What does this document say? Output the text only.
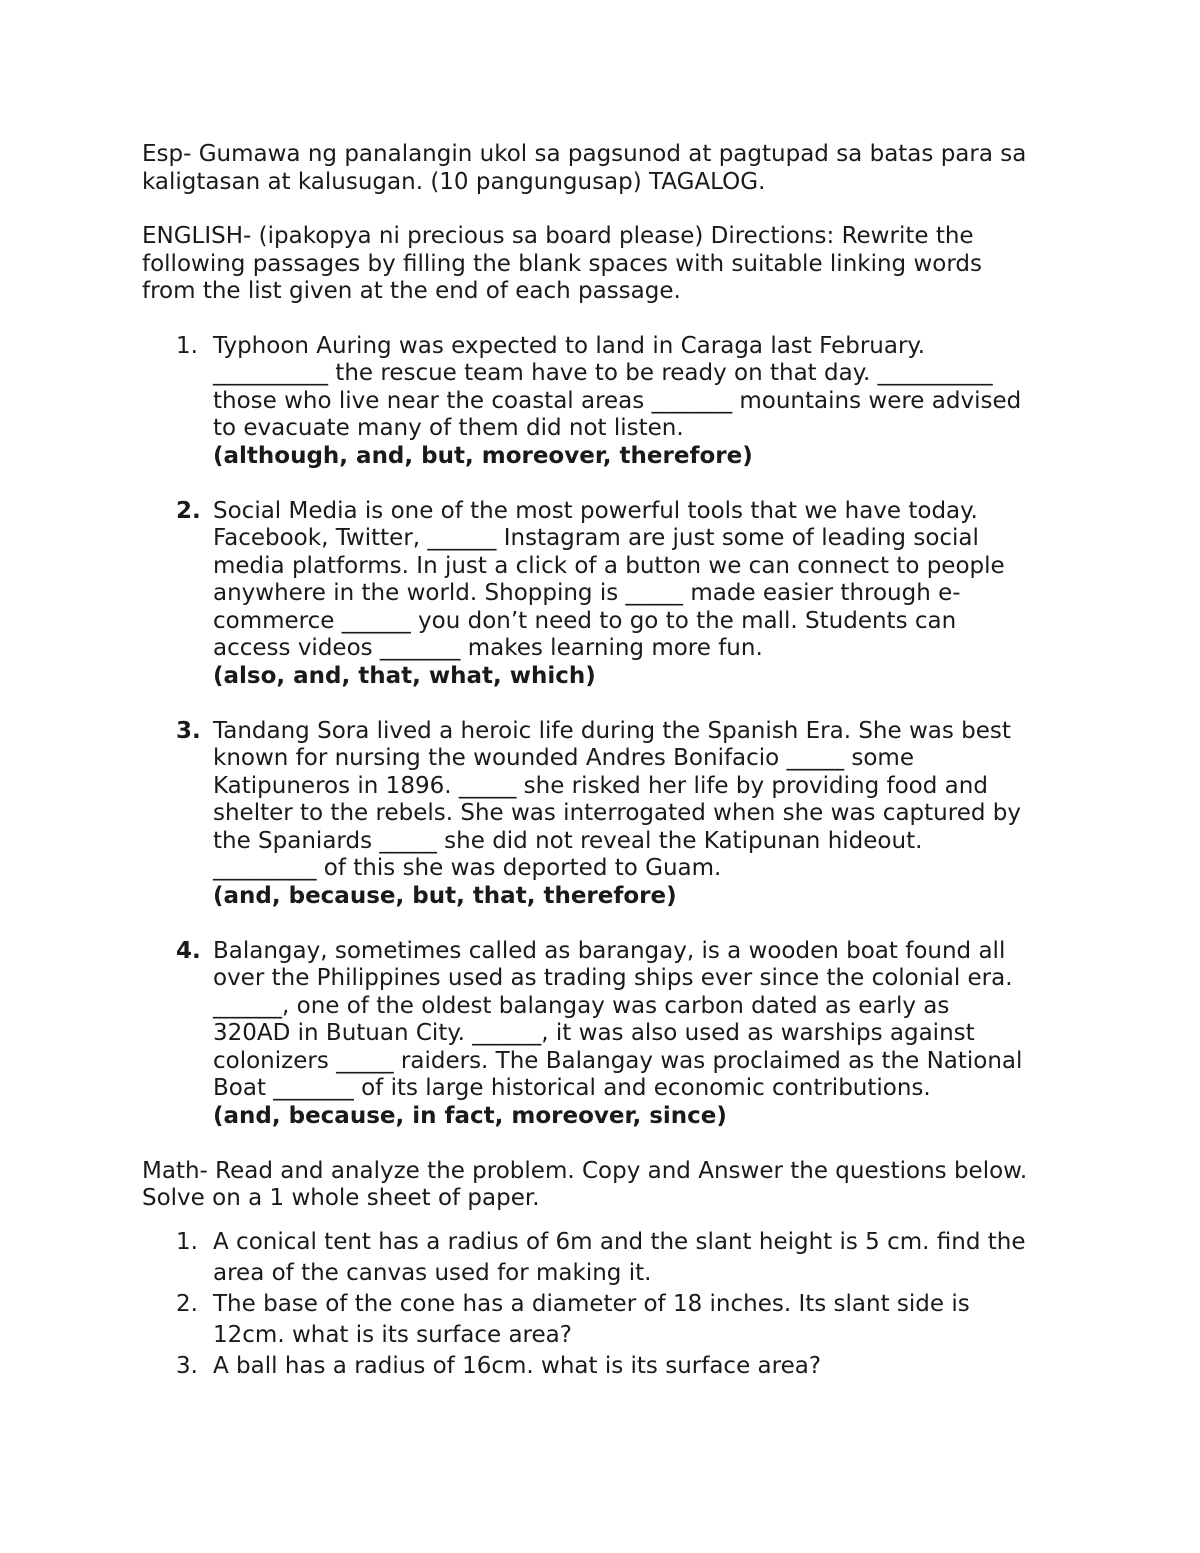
Esp- Gumawa ng panalangin ukol sa pagsunod at pagtupad sa batas para sa
kaligtasan at kalusugan. (10 pangungusap) TAGALOG.

ENGLISH- (ipakopya ni precious sa board please) Directions: Rewrite the
following passages by filling the blank spaces with suitable linking words
from the list given at the end of each passage.

1. Typhoon Auring was expected to land in Caraga last February.
__________ the rescue team have to be ready on that day. __________
those who live near the coastal areas _______ mountains were advised
to evacuate many of them did not listen.
(although, and, but, moreover, therefore)
2. Social Media is one of the most powerful tools that we have today.
Facebook, Twitter, ______ Instagram are just some of leading social
media platforms. In just a click of a button we can connect to people
anywhere in the world. Shopping is _____ made easier through e-
commerce ______ you don’t need to go to the mall. Students can
access videos _______ makes learning more fun.
(also, and, that, what, which)
3. Tandang Sora lived a heroic life during the Spanish Era. She was best
known for nursing the wounded Andres Bonifacio _____ some
Katipuneros in 1896. _____ she risked her life by providing food and
shelter to the rebels. She was interrogated when she was captured by
the Spaniards _____ she did not reveal the Katipunan hideout.
_________ of this she was deported to Guam.
(and, because, but, that, therefore)
4. Balangay, sometimes called as barangay, is a wooden boat found all
over the Philippines used as trading ships ever since the colonial era.
______, one of the oldest balangay was carbon dated as early as
320AD in Butuan City. ______, it was also used as warships against
colonizers _____ raiders. The Balangay was proclaimed as the National
Boat _______ of its large historical and economic contributions.
(and, because, in fact, moreover, since)

Math- Read and analyze the problem. Copy and Answer the questions below.
Solve on a 1 whole sheet of paper.

1. A conical tent has a radius of 6m and the slant height is 5 cm. find the
area of the canvas used for making it.
2. The base of the cone has a diameter of 18 inches. Its slant side is
12cm. what is its surface area?
3. A ball has a radius of 16cm. what is its surface area?
